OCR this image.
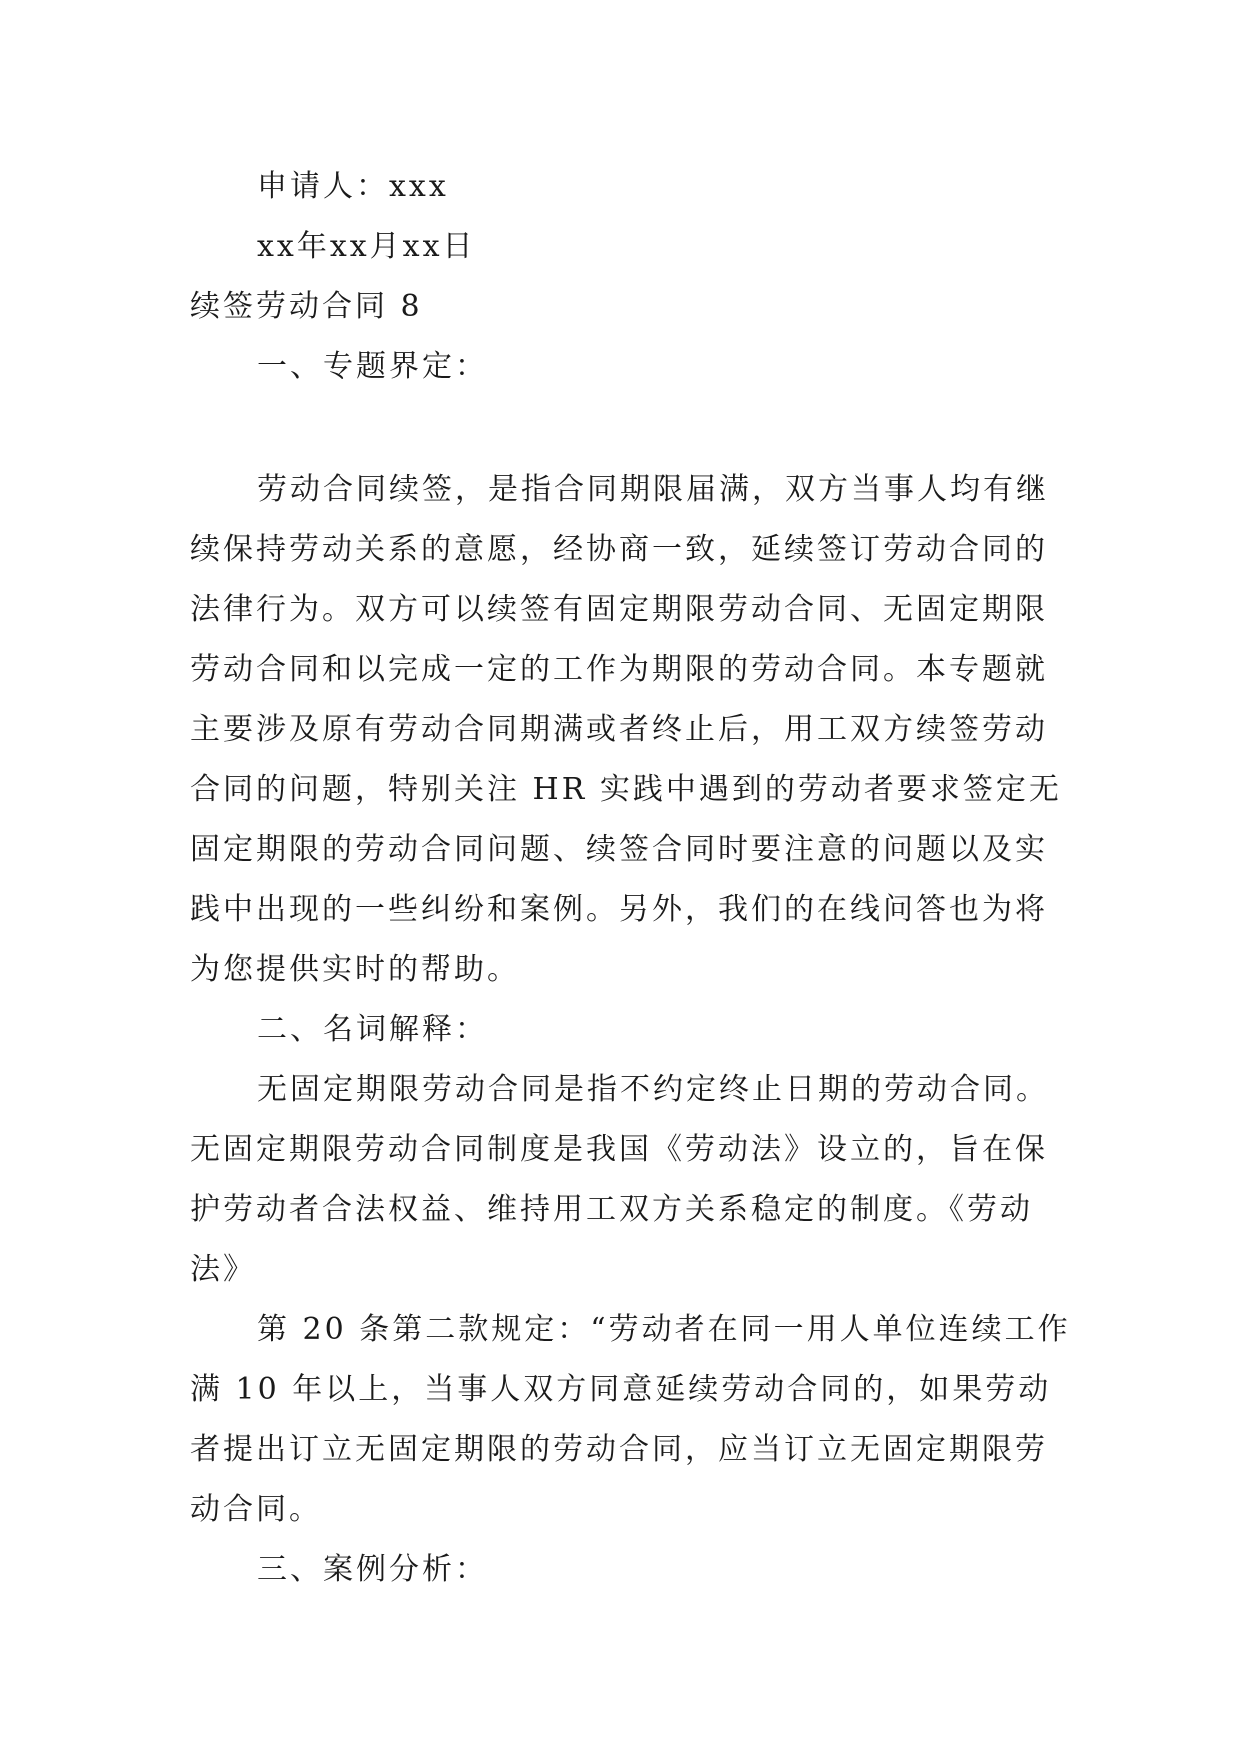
申请人：xxx
xx年xx月xx日
续签劳动合同 8
一、专题界定：
劳动合同续签，是指合同期限届满，双方当事人均有继
续保持劳动关系的意愿，经协商一致，延续签订劳动合同的
法律行为。双方可以续签有固定期限劳动合同、无固定期限
劳动合同和以完成一定的工作为期限的劳动合同。本专题就
主要涉及原有劳动合同期满或者终止后，用工双方续签劳动
合同的问题，特别关注 HR 实践中遇到的劳动者要求签定无
固定期限的劳动合同问题、续签合同时要注意的问题以及实
践中出现的一些纠纷和案例。另外，我们的在线问答也为将
为您提供实时的帮助。
二、名词解释：
无固定期限劳动合同是指不约定终止日期的劳动合同。
无固定期限劳动合同制度是我国《劳动法》设立的，旨在保
护劳动者合法权益、维持用工双方关系稳定的制度。《劳动
法》
第 20 条第二款规定：“劳动者在同一用人单位连续工作
满 10 年以上，当事人双方同意延续劳动合同的，如果劳动
者提出订立无固定期限的劳动合同，应当订立无固定期限劳
动合同。
三、案例分析：
